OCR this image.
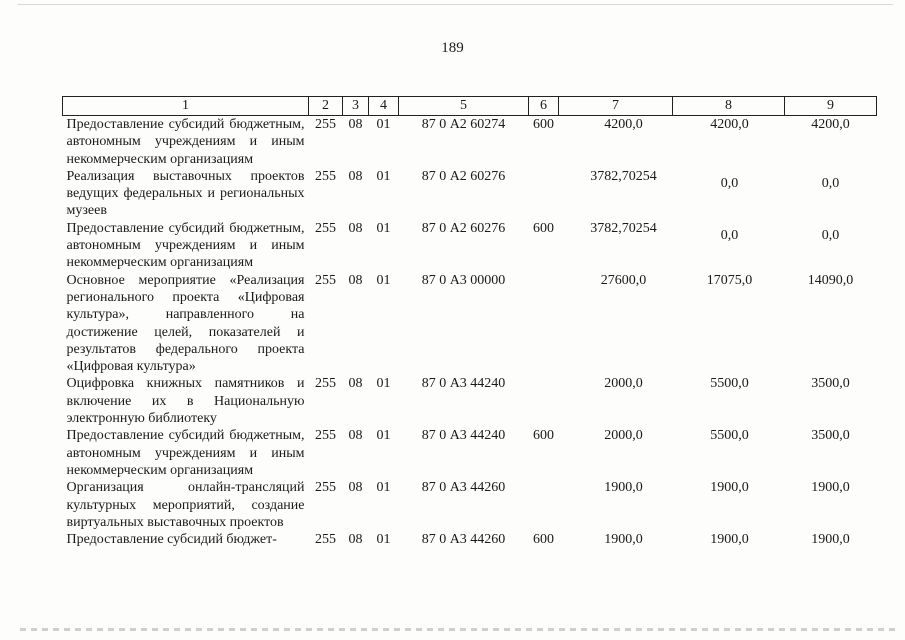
189
1	2	3	4	5	6	7	8	9
Предоставление субсидий бюджетным, автономным учреждениям и иным некоммерческим организациям	255	08	01	87 0 А2 60274	600	4200,0	4200,0	4200,0
Реализация выставочных проектов ведущих федеральных и региональных музеев	255	08	01	87 0 А2 60276		3782,70254	0,0	0,0
Предоставление субсидий бюджетным, автономным учреждениям и иным некоммерческим организациям	255	08	01	87 0 А2 60276	600	3782,70254	0,0	0,0
Основное мероприятие «Реализация регионального проекта «Цифровая культура», направленного на достижение целей, показателей и результатов федерального проекта «Цифровая культура»	255	08	01	87 0 А3 00000		27600,0	17075,0	14090,0
Оцифровка книжных памятников и включение их в Национальную электронную библиотеку	255	08	01	87 0 А3 44240		2000,0	5500,0	3500,0
Предоставление субсидий бюджетным, автономным учреждениям и иным некоммерческим организациям	255	08	01	87 0 А3 44240	600	2000,0	5500,0	3500,0
Организация онлайн-трансляций культурных мероприятий, создание виртуальных выставочных проектов	255	08	01	87 0 А3 44260		1900,0	1900,0	1900,0
Предоставление субсидий бюджет-	255	08	01	87 0 А3 44260	600	1900,0	1900,0	1900,0
